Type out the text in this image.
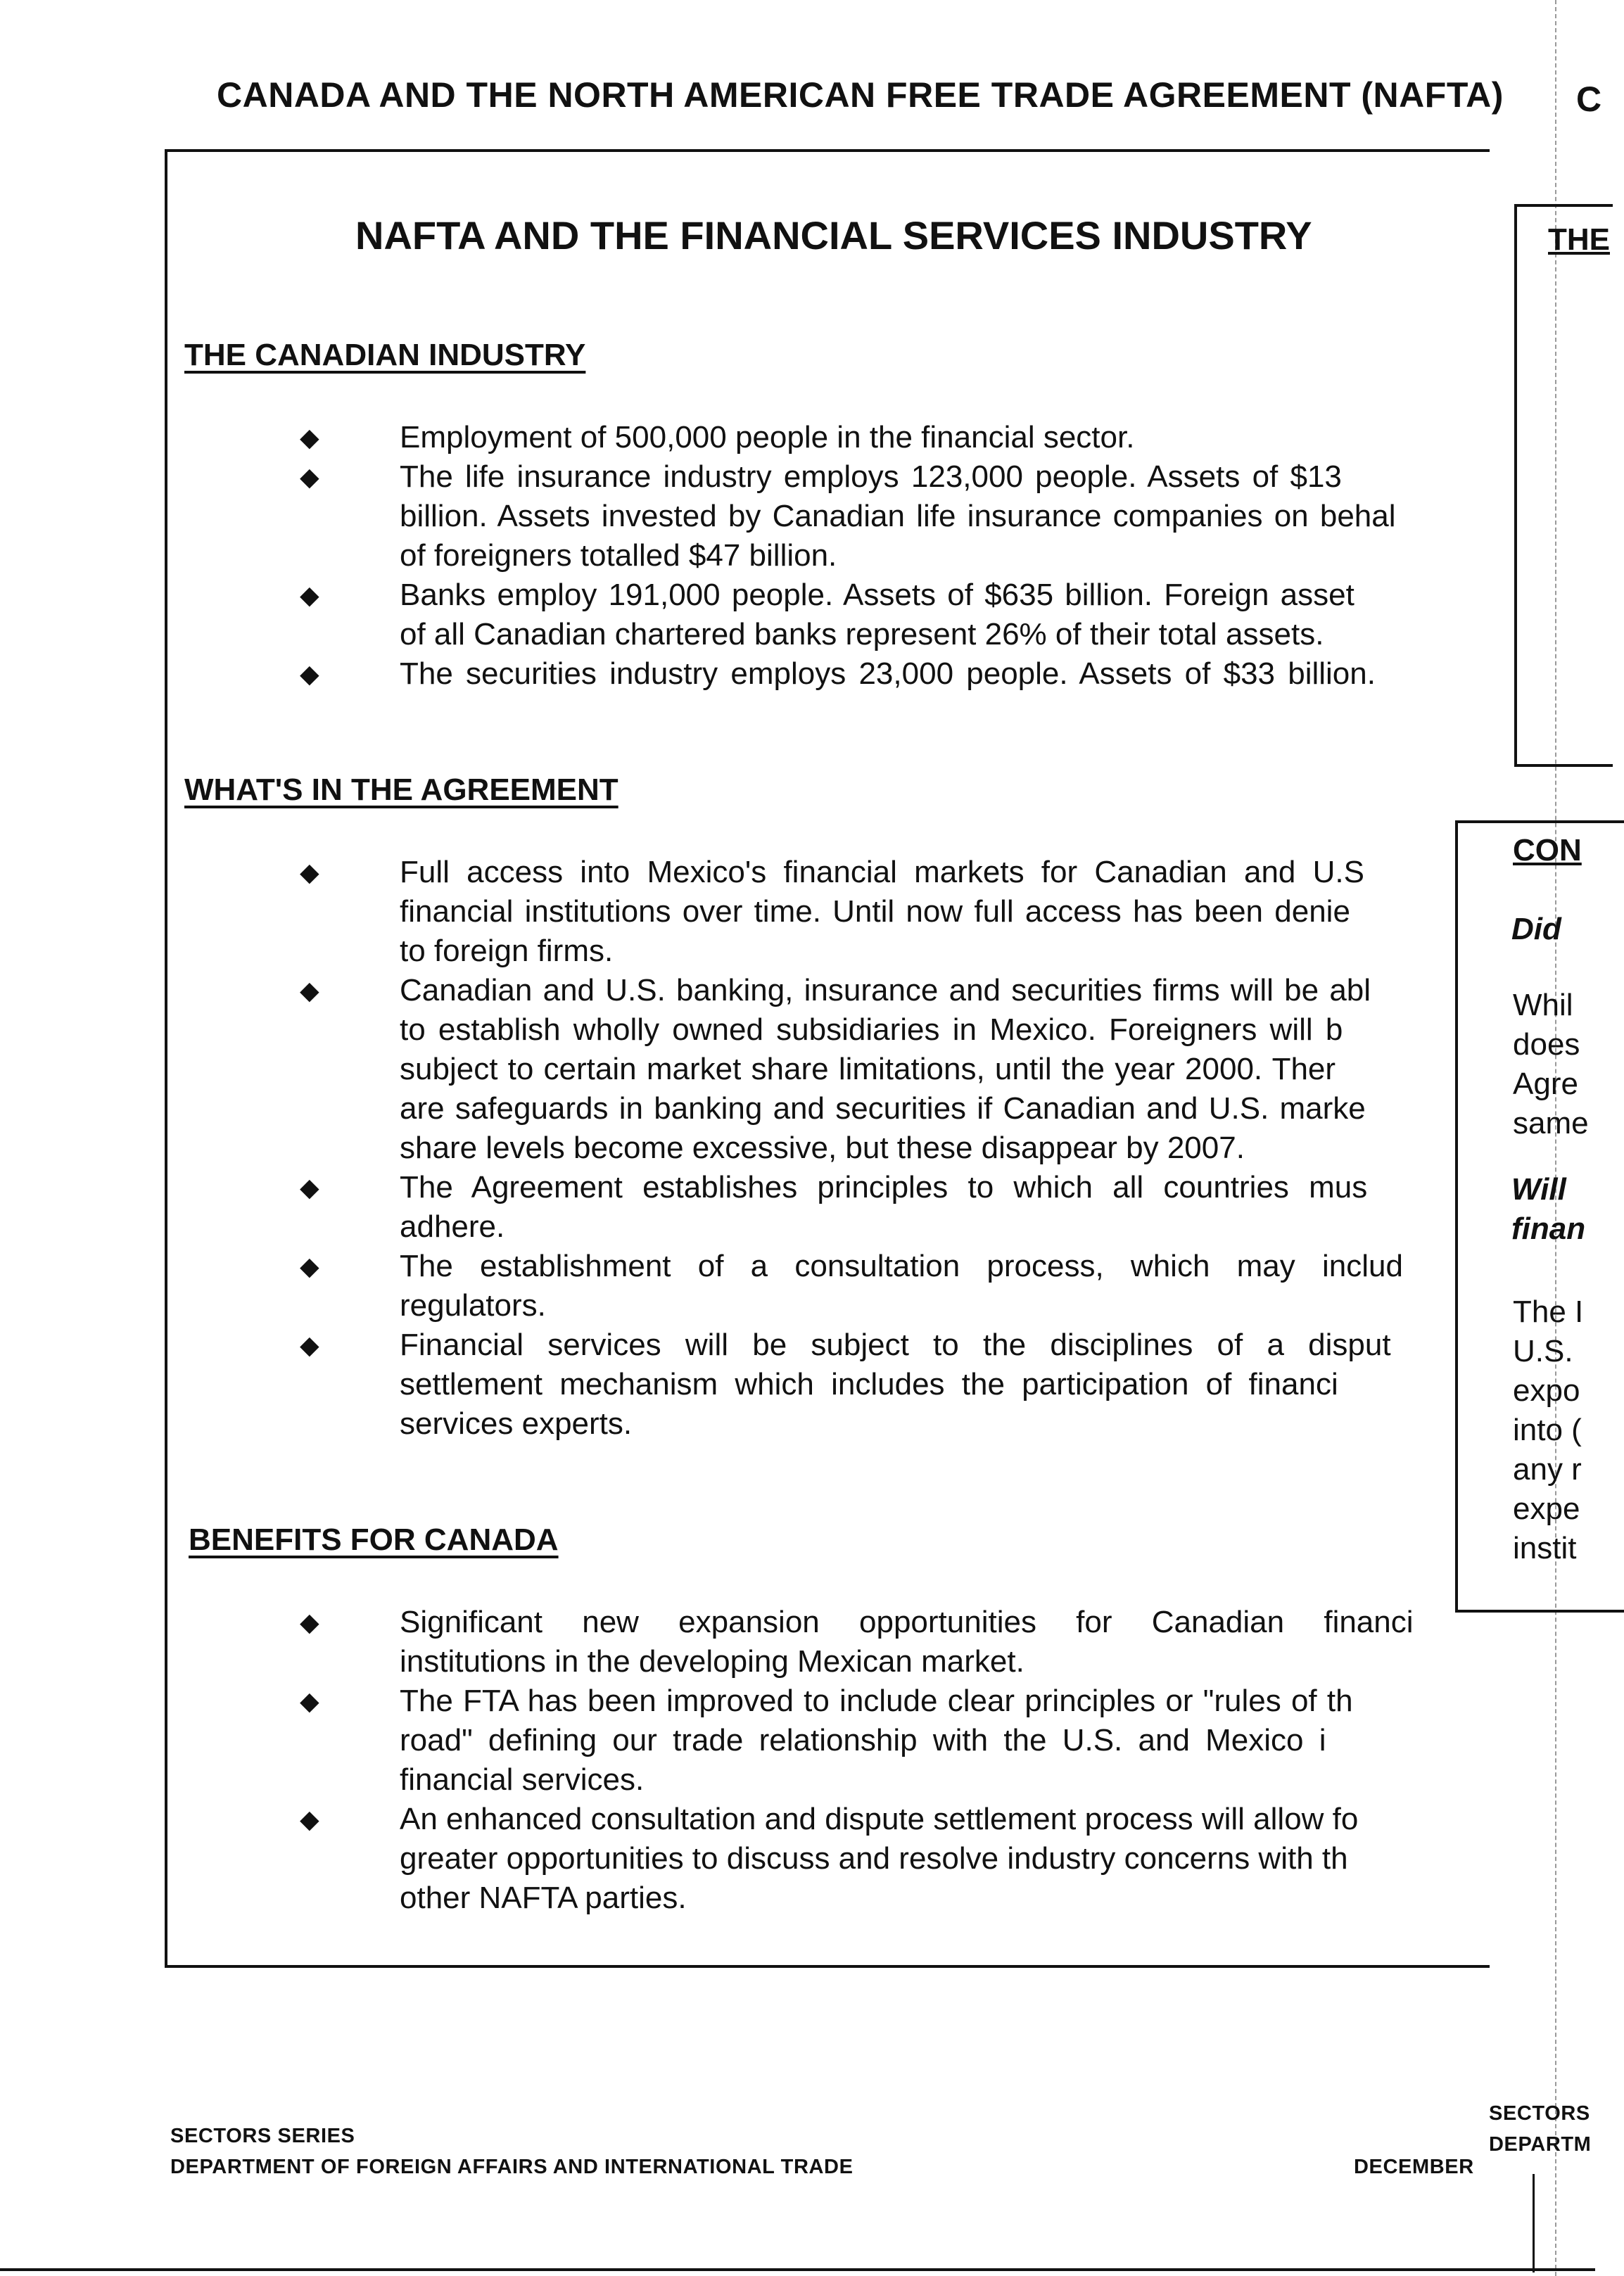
CANADA AND THE NORTH AMERICAN FREE TRADE AGREEMENT (NAFTA) C
NAFTA AND THE FINANCIAL SERVICES INDUSTRY
THE CANADIAN INDUSTRY
◆	Employment of 500,000 people in the financial sector.
◆	The life insurance industry employs 123,000 people. Assets of $13
billion. Assets invested by Canadian life insurance companies on behal
of foreigners totalled $47 billion.
◆	Banks employ 191,000 people. Assets of $635 billion. Foreign asset
of all Canadian chartered banks represent 26% of their total assets.
◆	The securities industry employs 23,000 people. Assets of $33 billion.
WHAT'S IN THE AGREEMENT
◆	Full access into Mexico's financial markets for Canadian and U.S
financial institutions over time. Until now full access has been denie
to foreign firms.
◆	Canadian and U.S. banking, insurance and securities firms will be abl
to establish wholly owned subsidiaries in Mexico. Foreigners will b
subject to certain market share limitations, until the year 2000. Ther
are safeguards in banking and securities if Canadian and U.S. marke
share levels become excessive, but these disappear by 2007.
◆	The Agreement establishes principles to which all countries mus
adhere.
◆	The establishment of a consultation process, which may includ
regulators.
◆	Financial services will be subject to the disciplines of a disput
settlement mechanism which includes the participation of financi
services experts.
BENEFITS FOR CANADA
◆	Significant new expansion opportunities for Canadian financi
institutions in the developing Mexican market.
◆	The FTA has been improved to include clear principles or "rules of th
road" defining our trade relationship with the U.S. and Mexico i
financial services.
◆	An enhanced consultation and dispute settlement process will allow fo
greater opportunities to discuss and resolve industry concerns with th
other NAFTA parties.
THE
CON
Did
Whil
does
Agre
same
Will
finan
The I
U.S.
expo
into (
any r
expe
instit
SECTORS SERIES
DEPARTMENT OF FOREIGN AFFAIRS AND INTERNATIONAL TRADE	DECEMBER
SECTORS
DEPARTM
